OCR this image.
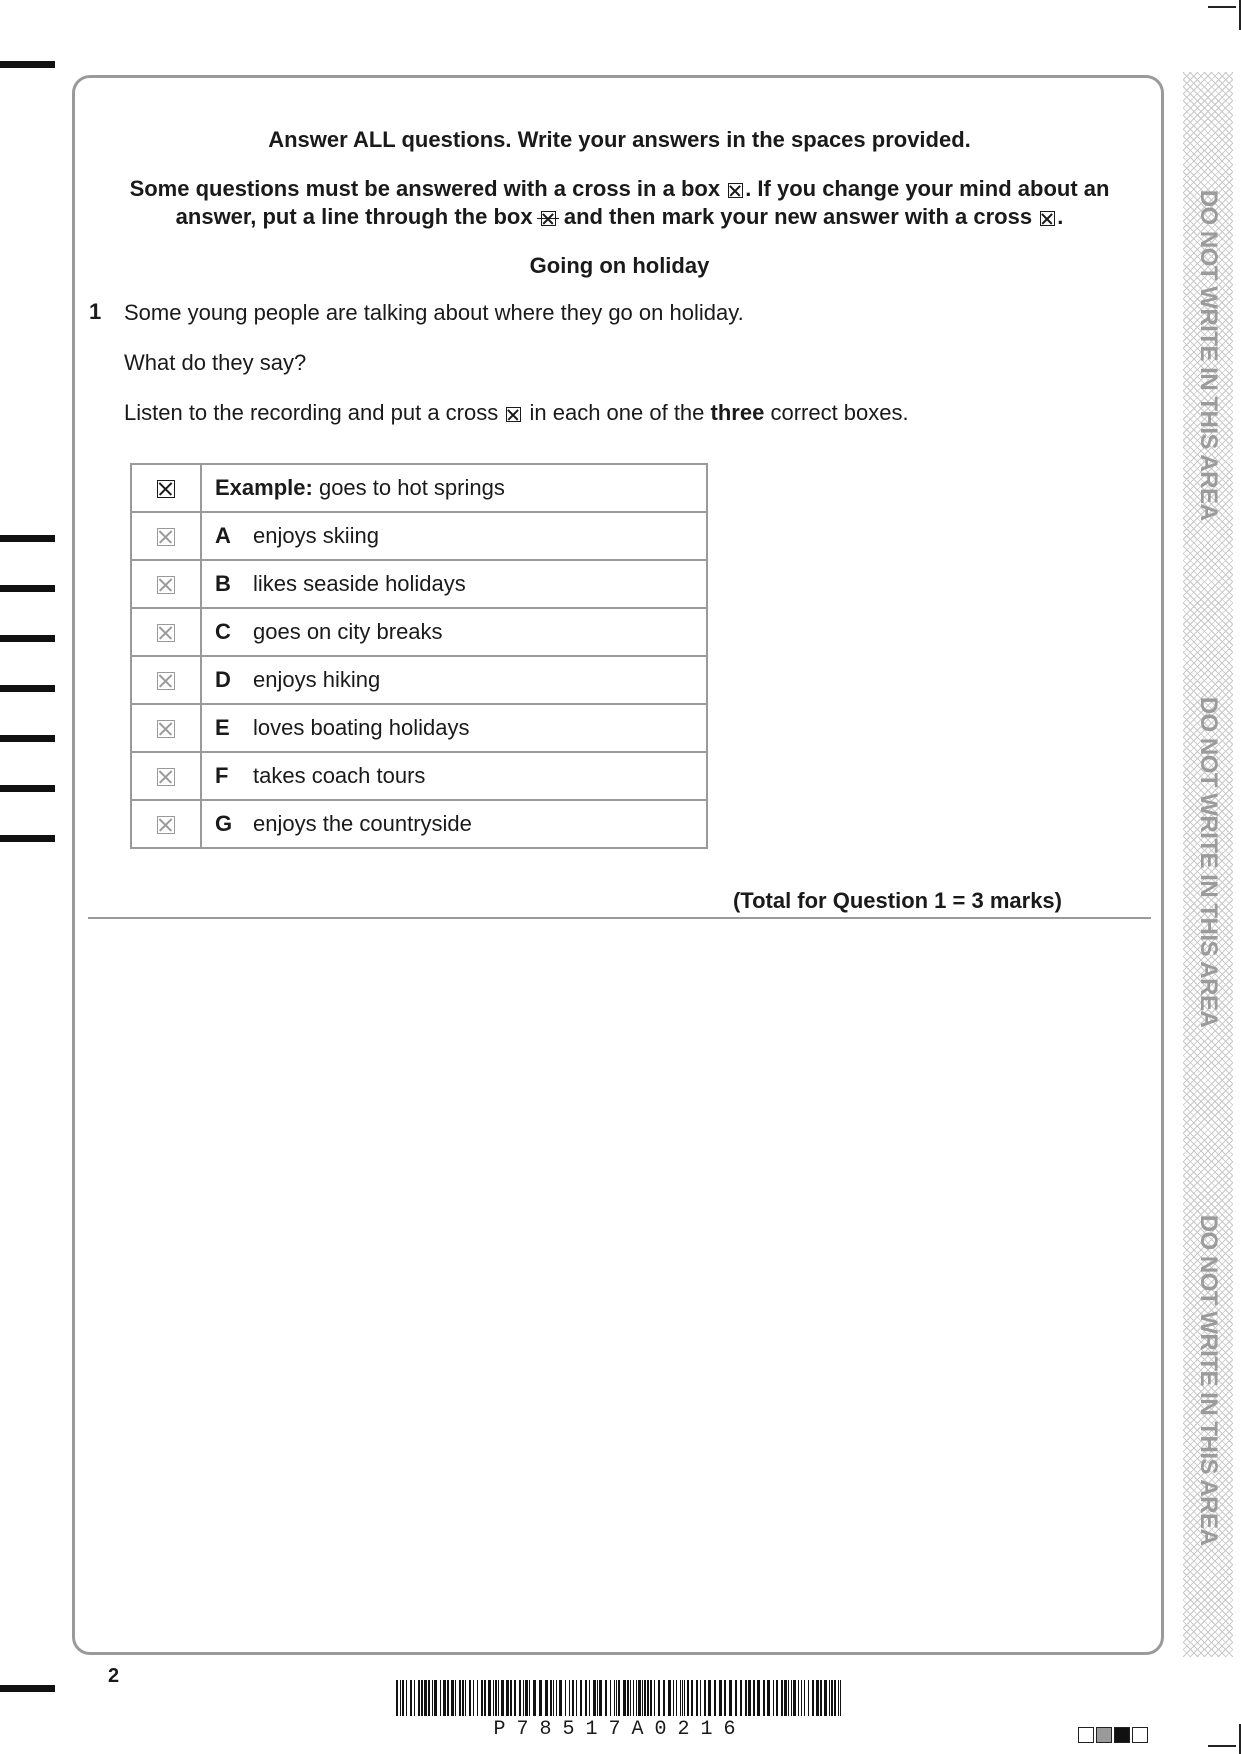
DO NOT WRITE IN THIS AREA
DO NOT WRITE IN THIS AREA
DO NOT WRITE IN THIS AREA
Answer ALL questions. Write your answers in the spaces provided.
Some questions must be answered with a cross in a box ☒ . If you change your mind about an answer, put a line through the box and then mark your new answer with a cross ☒ .
Going on holiday
1 Some young people are talking about where they go on holiday.
What do they say?
Listen to the recording and put a cross ☒ in each one of the three correct boxes.
	Example: goes to hot springs
	A enjoys skiing
	B likes seaside holidays
	C goes on city breaks
	D enjoys hiking
	E loves boating holidays
	F takes coach tours
	G enjoys the countryside
(Total for Question 1 = 3 marks)
2
P78517A0216
